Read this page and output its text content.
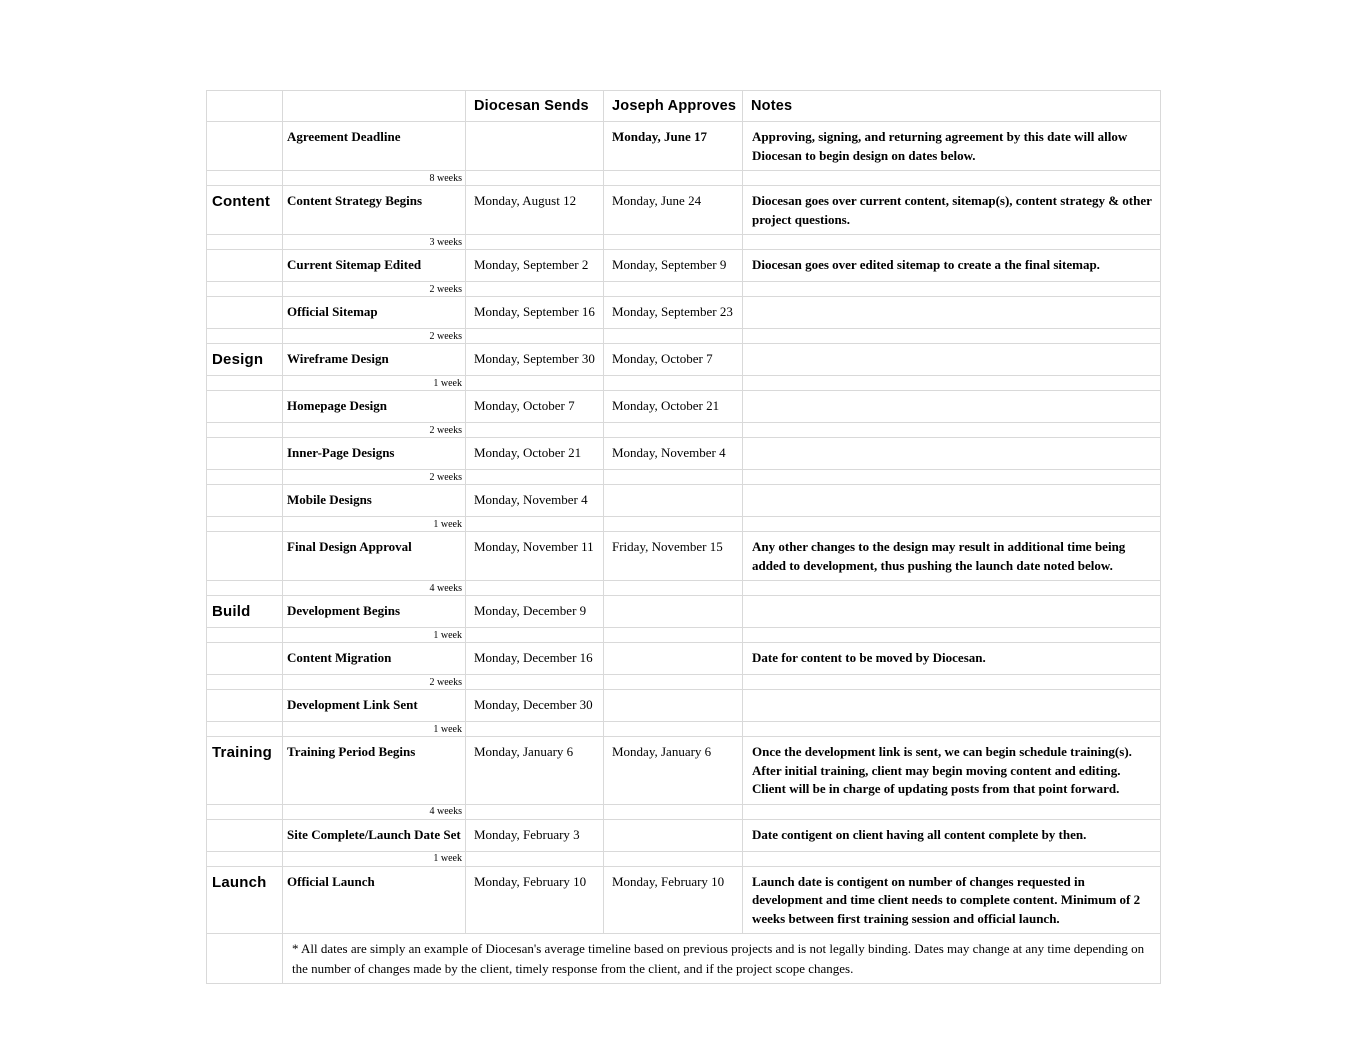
		Diocesan Sends	Joseph Approves	Notes
	Agreement Deadline		Monday, June 17	Approving, signing, and returning agreement by this date will allow Diocesan to begin design on dates below.
	8 weeks			
Content	Content Strategy Begins	Monday, August 12	Monday, June 24	Diocesan goes over current content, sitemap(s), content strategy & other project questions.
	3 weeks			
	Current Sitemap Edited	Monday, September 2	Monday, September 9	Diocesan goes over edited sitemap to create a the final sitemap.
	2 weeks			
	Official Sitemap	Monday, September 16	Monday, September 23	
	2 weeks			
Design	Wireframe Design	Monday, September 30	Monday, October 7	
	1 week			
	Homepage Design	Monday, October 7	Monday, October 21	
	2 weeks			
	Inner-Page Designs	Monday, October 21	Monday, November 4	
	2 weeks			
	Mobile Designs	Monday, November 4		
	1 week			
	Final Design Approval	Monday, November 11	Friday, November 15	Any other changes to the design may result in additional time being added to development, thus pushing the launch date noted below.
	4 weeks			
Build	Development Begins	Monday, December 9		
	1 week			
	Content Migration	Monday, December 16		Date for content to be moved by Diocesan.
	2 weeks			
	Development Link Sent	Monday, December 30		
	1 week			
Training	Training Period Begins	Monday, January 6	Monday, January 6	Once the development link is sent, we can begin schedule training(s). After initial training, client may begin moving content and editing. Client will be in charge of updating posts from that point forward.
	4 weeks			
	Site Complete/Launch Date Set	Monday, February 3		Date contigent on client having all content complete by then.
	1 week			
Launch	Official Launch	Monday, February 10	Monday, February 10	Launch date is contigent on number of changes requested in development and time client needs to complete content. Minimum of 2 weeks between first training session and official launch.
	* All dates are simply an example of Diocesan's average timeline based on previous projects and is not legally binding. Dates may change at any time depending on the number of changes made by the client, timely response from the client, and if the project scope changes.			
